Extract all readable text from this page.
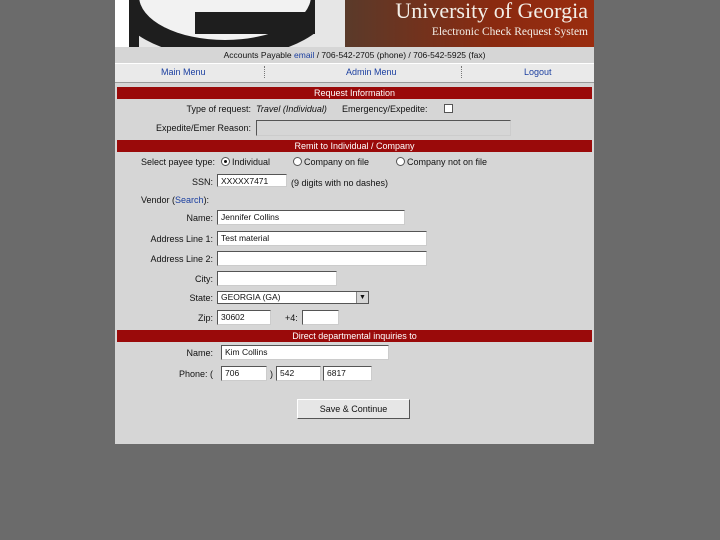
University of Georgia
Electronic Check Request System
Accounts Payable email / 706-542-2705 (phone) / 706-542-5925 (fax)
Main Menu	Admin Menu	Logout
Request Information
Type of request: Travel (Individual) Emergency/Expedite:
Expedite/Emer Reason:
Remit to Individual / Company
Select payee type: Individual	Company on file	Company not on file
SSN: XXXXX7471	(9 digits with no dashes)
Vendor (Search):
Name: Jennifer Collins
Address Line 1: Test material
Address Line 2:
City:
State: GEORGIA (GA)	▼
Zip: 30602	+4:
Direct departmental inquiries to
Name:	Kim Collins
Phone: (	706	) 542	6817
Save & Continue
